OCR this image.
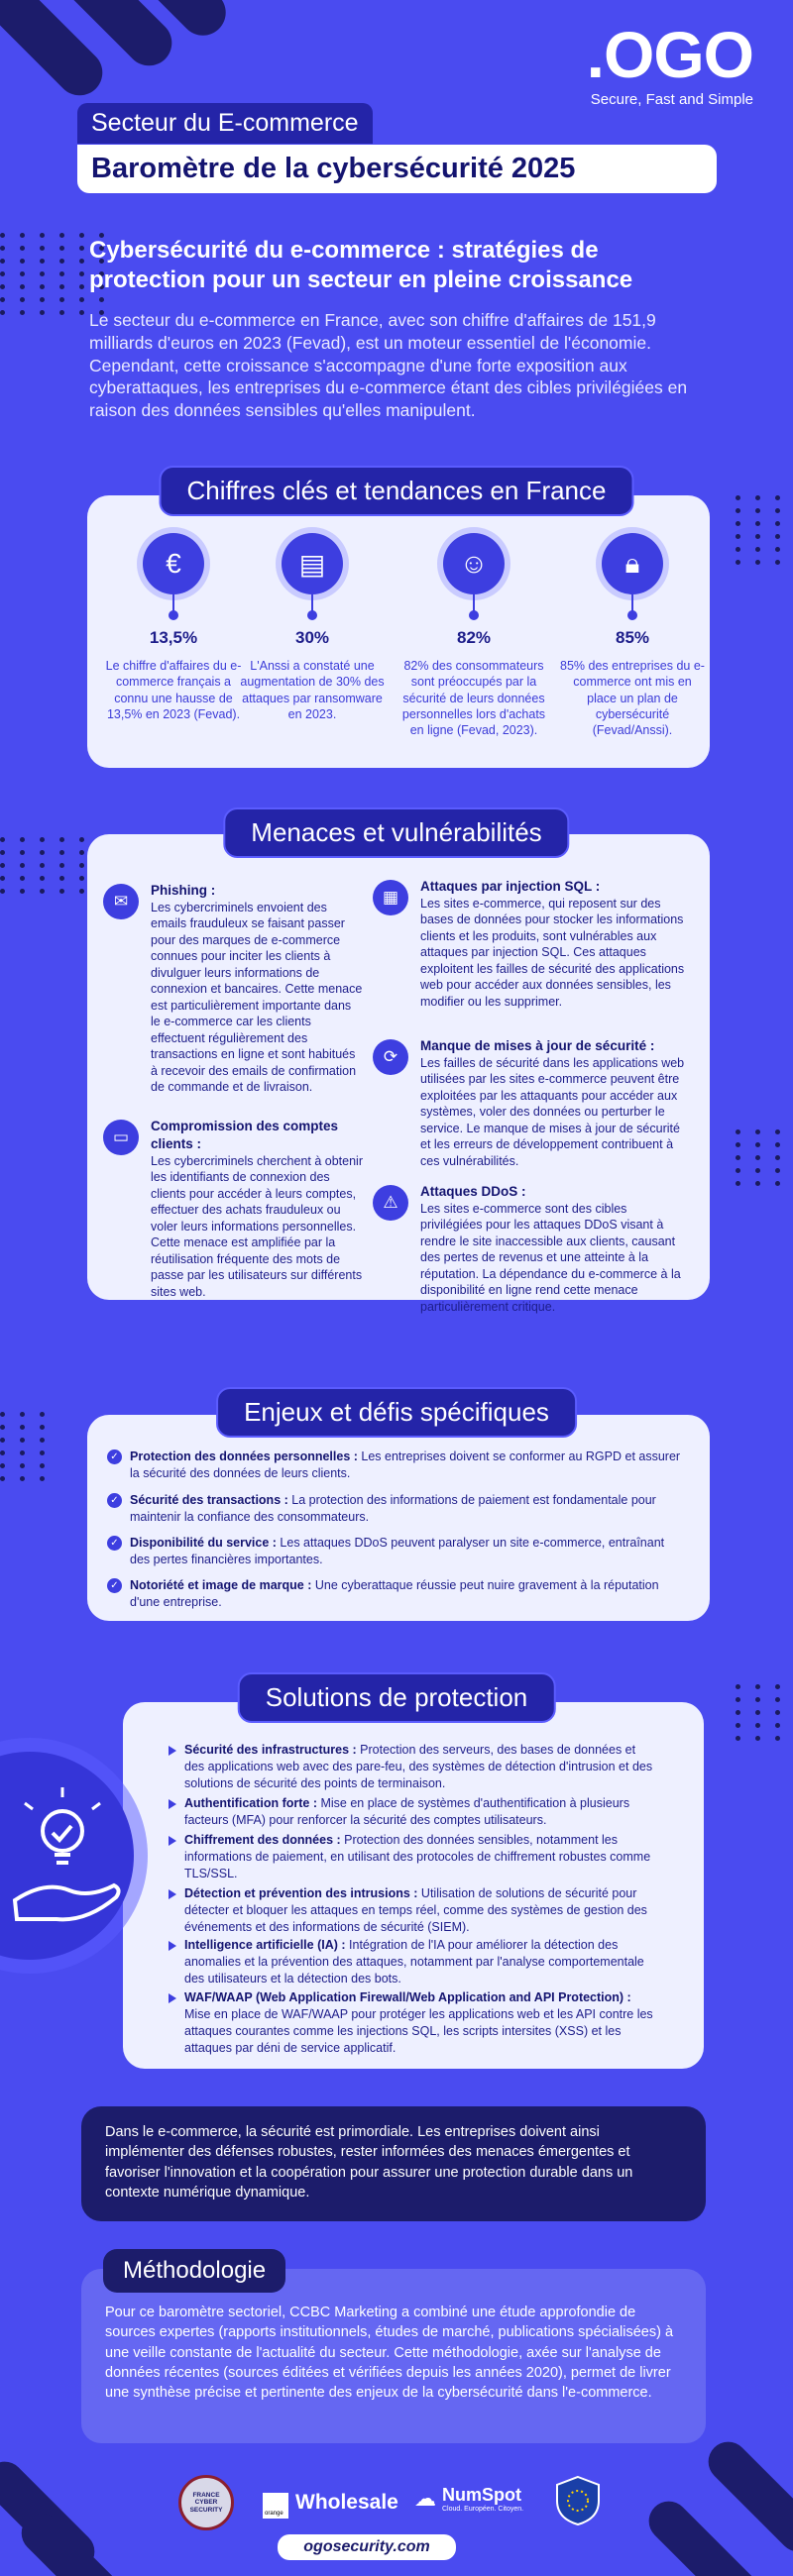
.OGO
Secure, Fast and Simple
Secteur du E-commerce
Baromètre de la cybersécurité 2025
Cybersécurité du e-commerce : stratégies de protection pour un secteur en pleine croissance
Le secteur du e-commerce en France, avec son chiffre d'affaires de 151,9 milliards d'euros en 2023 (Fevad), est un moteur essentiel de l'économie. Cependant, cette croissance s'accompagne d'une forte exposition aux cyberattaques, les entreprises du e-commerce étant des cibles privilégiées en raison des données sensibles qu'elles manipulent.
Chiffres clés et tendances en France
€
13,5%
Le chiffre d'affaires du e-commerce français a connu une hausse de 13,5% en 2023 (Fevad).
▤
30%
L'Anssi a constaté une augmentation de 30% des attaques par ransomware en 2023.
☺
82%
82% des consommateurs sont préoccupés par la sécurité de leurs données personnelles lors d'achats en ligne (Fevad, 2023).
🔒︎
85%
85% des entreprises du e-commerce ont mis en place un plan de cybersécurité (Fevad/Anssi).
Menaces et vulnérabilités
✉
Phishing :
Les cybercriminels envoient des emails frauduleux se faisant passer pour des marques de e-commerce connues pour inciter les clients à divulguer leurs informations de connexion et bancaires. Cette menace est particulièrement importante dans le e-commerce car les clients effectuent régulièrement des transactions en ligne et sont habitués à recevoir des emails de confirmation de commande et de livraison.
▭
Compromission des comptes clients :
Les cybercriminels cherchent à obtenir les identifiants de connexion des clients pour accéder à leurs comptes, effectuer des achats frauduleux ou voler leurs informations personnelles. Cette menace est amplifiée par la réutilisation fréquente des mots de passe par les utilisateurs sur différents sites web.
▦
Attaques par injection SQL :
Les sites e-commerce, qui reposent sur des bases de données pour stocker les informations clients et les produits, sont vulnérables aux attaques par injection SQL. Ces attaques exploitent les failles de sécurité des applications web pour accéder aux données sensibles, les modifier ou les supprimer.
⟳
Manque de mises à jour de sécurité :
Les failles de sécurité dans les applications web utilisées par les sites e-commerce peuvent être exploitées par les attaquants pour accéder aux systèmes, voler des données ou perturber le service. Le manque de mises à jour de sécurité et les erreurs de développement contribuent à ces vulnérabilités.
⚠
Attaques DDoS :
Les sites e-commerce sont des cibles privilégiées pour les attaques DDoS visant à rendre le site inaccessible aux clients, causant des pertes de revenus et une atteinte à la réputation. La dépendance du e-commerce à la disponibilité en ligne rend cette menace particulièrement critique.
Enjeux et défis spécifiques
✓ Protection des données personnelles : Les entreprises doivent se conformer au RGPD et assurer la sécurité des données de leurs clients.
✓ Sécurité des transactions : La protection des informations de paiement est fondamentale pour maintenir la confiance des consommateurs.
✓ Disponibilité du service : Les attaques DDoS peuvent paralyser un site e-commerce, entraînant des pertes financières importantes.
✓ Notoriété et image de marque : Une cyberattaque réussie peut nuire gravement à la réputation d'une entreprise.
Solutions de protection
Sécurité des infrastructures : Protection des serveurs, des bases de données et des applications web avec des pare-feu, des systèmes de détection d'intrusion et des solutions de sécurité des points de terminaison.
Authentification forte : Mise en place de systèmes d'authentification à plusieurs facteurs (MFA) pour renforcer la sécurité des comptes utilisateurs.
Chiffrement des données : Protection des données sensibles, notamment les informations de paiement, en utilisant des protocoles de chiffrement robustes comme TLS/SSL.
Détection et prévention des intrusions : Utilisation de solutions de sécurité pour détecter et bloquer les attaques en temps réel, comme des systèmes de gestion des événements et des informations de sécurité (SIEM).
Intelligence artificielle (IA) : Intégration de l'IA pour améliorer la détection des anomalies et la prévention des attaques, notamment par l'analyse comportementale des utilisateurs et la détection des bots.
WAF/WAAP (Web Application Firewall/Web Application and API Protection) : Mise en place de WAF/WAAP pour protéger les applications web et les API contre les attaques courantes comme les injections SQL, les scripts intersites (XSS) et les attaques par déni de service applicatif.
Dans le e-commerce, la sécurité est primordiale. Les entreprises doivent ainsi implémenter des défenses robustes, rester informées des menaces émergentes et favoriser l'innovation et la coopération pour assurer une protection durable dans un contexte numérique dynamique.
Pour ce baromètre sectoriel, CCBC Marketing a combiné une étude approfondie de sources expertes (rapports institutionnels, études de marché, publications spécialisées) à une veille constante de l'actualité du secteur. Cette méthodologie, axée sur l'analyse de données récentes (sources éditées et vérifiées depuis les années 2020), permet de livrer une synthèse précise et pertinente des enjeux de la cybersécurité dans l'e-commerce.
Méthodologie
FRANCE CYBER SECURITY
orange Wholesale ☁ NumSpot
Cloud. Européen. Citoyen.
ogosecurity.com
